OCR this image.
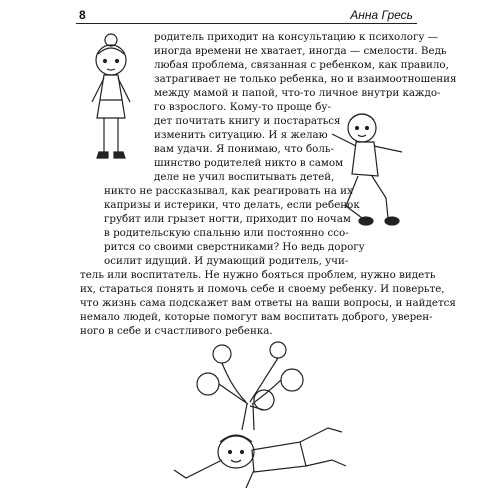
8	Анна Гресь
родитель приходит на консультацию к психологу —
иногда времени не хватает, иногда — смелости. Ведь
любая проблема, связанная с ребенком, как правило,
затрагивает не только ребенка, но и взаимоотношения
между мамой и папой, что-то личное внутри каждо-
го взрослого. Кому-то проще бу-
дет почитать книгу и постараться
изменить ситуацию. И я желаю
вам удачи. Я понимаю, что боль-
шинство родителей никто в самом
деле не учил воспитывать детей,
никто не рассказывал, как реагировать на их
капризы и истерики, что делать, если ребенок
грубит или грызет ногти, приходит по ночам
в родительскую спальню или постоянно ссо-
рится со своими сверстниками? Но ведь дорогу
осилит идущий. И думающий родитель, учи-
тель или воспитатель. Не нужно бояться проблем, нужно видеть
их, стараться понять и помочь себе и своему ребенку. И поверьте,
что жизнь сама подскажет вам ответы на ваши вопросы, и найдется
немало людей, которые помогут вам воспитать доброго, уверен-
ного в себе и счастливого ребенка.
